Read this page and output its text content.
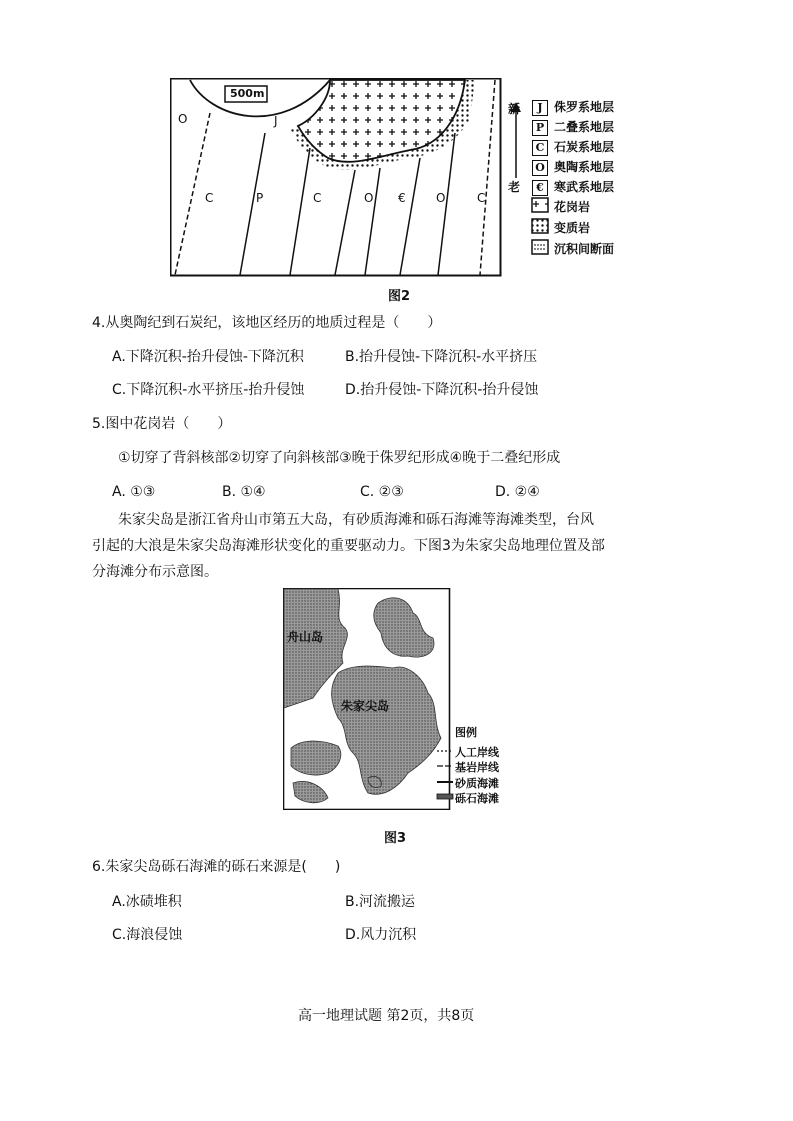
500m
O	J
C	P	C	O €	O	C
新
老
J 侏罗系地层
P 二叠系地层
C 石炭系地层
O 奥陶系地层
€ 寒武系地层
花岗岩
变质岩
沉积间断面
图2
4.从奥陶纪到石炭纪，该地区经历的地质过程是（　　）
A.下降沉积-抬升侵蚀-下降沉积	B.抬升侵蚀-下降沉积-水平挤压
C.下降沉积-水平挤压-抬升侵蚀	D.抬升侵蚀-下降沉积-抬升侵蚀
5.图中花岗岩（　　）
①切穿了背斜核部②切穿了向斜核部③晚于侏罗纪形成④晚于二叠纪形成
A. ①③	B. ①④	C. ②③	D. ②④
朱家尖岛是浙江省舟山市第五大岛，有砂质海滩和砾石海滩等海滩类型，台风
引起的大浪是朱家尖岛海滩形状变化的重要驱动力。下图3为朱家尖岛地理位置及部
分海滩分布示意图。
舟山岛
朱家尖岛
图例
人工岸线
基岩岸线
砂质海滩
砾石海滩
图3
6.朱家尖岛砾石海滩的砾石来源是(　　)
A.冰碛堆积	B.河流搬运
C.海浪侵蚀	D.风力沉积
高一地理试题 第2页，共8页
